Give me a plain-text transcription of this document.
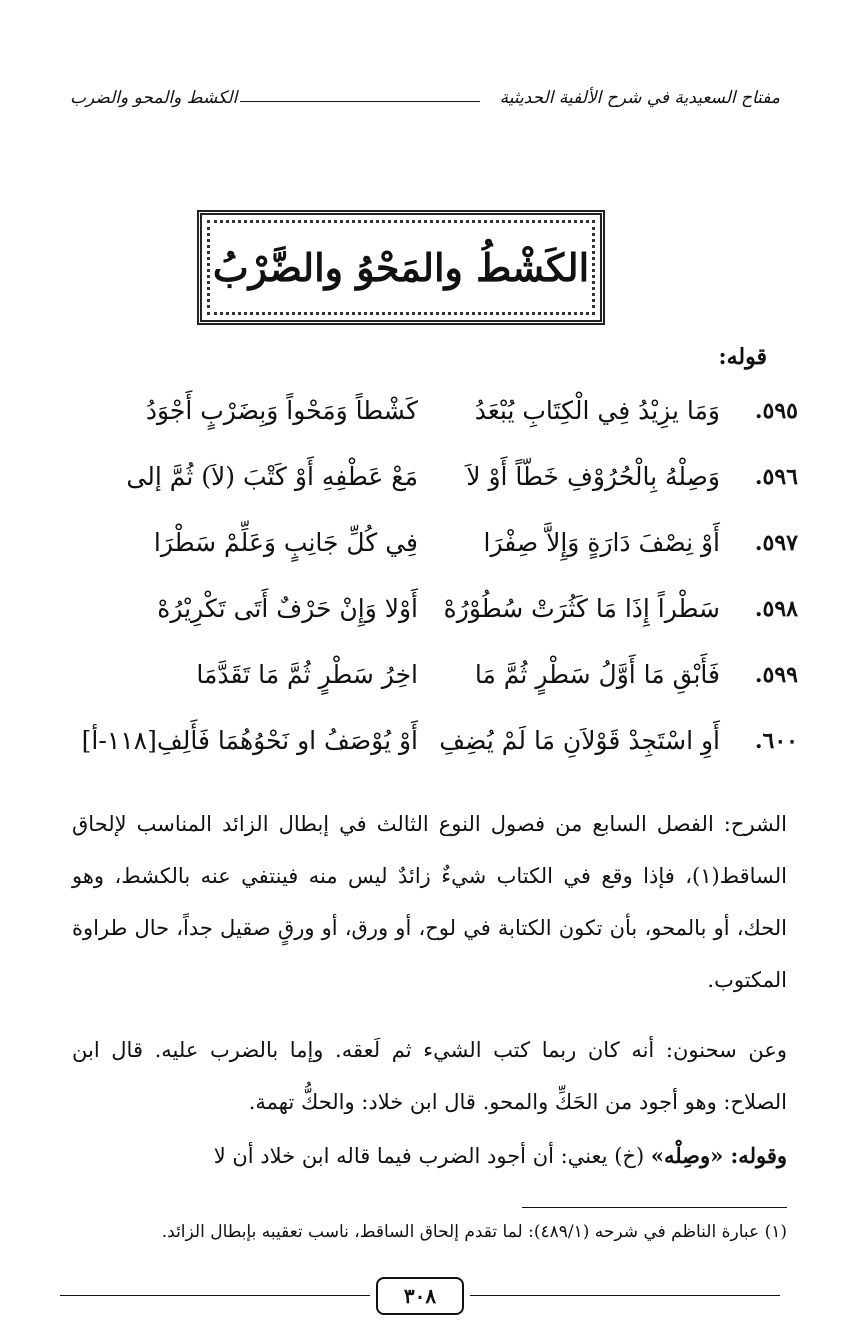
مفتاح السعيدية في شرح الألفية الحديثية
الكشط والمحو والضرب
الكَشْطُ والمَحْوُ والضَّرْبُ
قوله:
٥٩٥.
وَمَا يزِيْدُ فِي الْكِتَابِ يُبْعَدُ
كَشْطاً وَمَحْواً وَبِضَرْبٍ أَجْوَدُ
٥٩٦.
وَصِلْهُ بِالْحُرُوْفِ خَطّاً أَوْ لاَ
مَعْ عَطْفِهِ أَوْ كَتْبَ (لاَ) ثُمَّ إلى
٥٩٧.
أَوْ نِصْفَ دَارَةٍ وَإِلاَّ صِفْرَا
فِي كُلِّ جَانِبٍ وَعَلِّمْ سَطْرَا
٥٩٨.
سَطْراً إِذَا مَا كَثُرَتْ سُطُوْرُهْ
أَوْلا وَإِنْ حَرْفٌ أَتَى تَكْرِيْرُهْ
٥٩٩.
فَأَبْقِ مَا أَوَّلُ سَطْرٍ ثُمَّ مَا
اخِرُ سَطْرٍ ثُمَّ مَا تَقَدَّمَا
٦٠٠.
أَوِ اسْتَجِدْ قَوْلاَنِ مَا لَمْ يُضِفِ
أَوْ يُوْصَفُ او نَحْوُهُمَا فَأَلِفِ[١١٨-أ]

الشرح: الفصل السابع من فصول النوع الثالث في إبطال الزائد المناسب لإلحاق الساقط(١)، فإذا وقع في الكتاب شيءٌ زائدٌ ليس منه فينتفي عنه بالكشط، وهو الحك، أو بالمحو، بأن تكون الكتابة في لوح، أو ورق، أو ورقٍ صقيل جداً، حال طراوة المكتوب.

وعن سحنون: أنه كان ربما كتب الشيء ثم لَعقه. وإما بالضرب عليه. قال ابن الصلاح: وهو أجود من الحَكِّ والمحو. قال ابن خلاد: والحكُّ تهمة.

وقوله: «وصِلْه» (خ) يعني: أن أجود الضرب فيما قاله ابن خلاد أن لا

(١) عبارة الناظم في شرحه (٤٨٩/١): لما تقدم إلحاق الساقط، ناسب تعقيبه بإبطال الزائد.
٣٠٨
